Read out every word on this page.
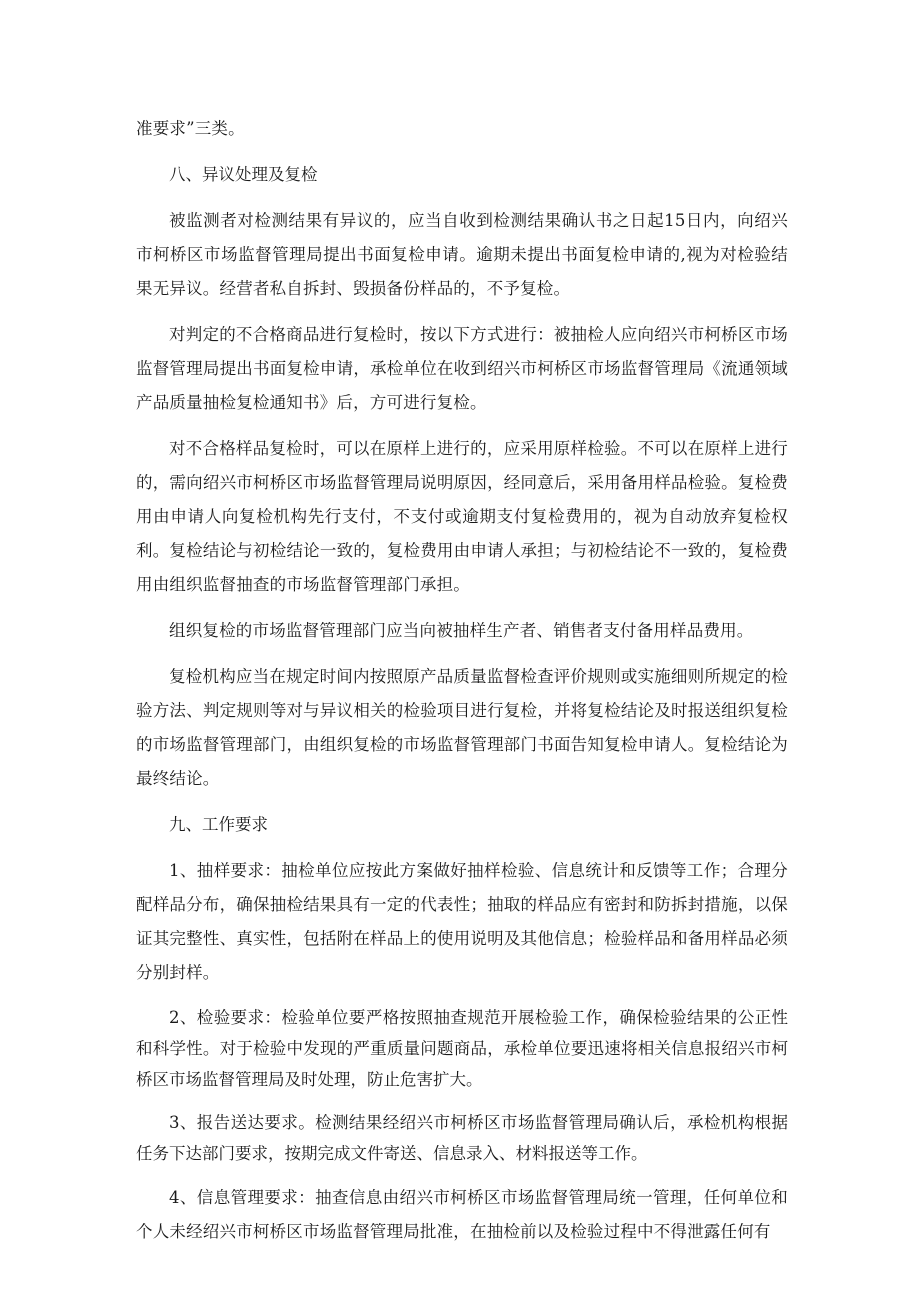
准要求”三类。

八、异议处理及复检

被监测者对检测结果有异议的，应当自收到检测结果确认书之日起15日内，向绍兴市柯桥区市场监督管理局提出书面复检申请。逾期未提出书面复检申请的,视为对检验结果无异议。经营者私自拆封、毁损备份样品的，不予复检。

对判定的不合格商品进行复检时，按以下方式进行：被抽检人应向绍兴市柯桥区市场监督管理局提出书面复检申请，承检单位在收到绍兴市柯桥区市场监督管理局《流通领域产品质量抽检复检通知书》后，方可进行复检。

对不合格样品复检时，可以在原样上进行的，应采用原样检验。不可以在原样上进行的，需向绍兴市柯桥区市场监督管理局说明原因，经同意后，采用备用样品检验。复检费用由申请人向复检机构先行支付，不支付或逾期支付复检费用的，视为自动放弃复检权利。复检结论与初检结论一致的，复检费用由申请人承担；与初检结论不一致的，复检费用由组织监督抽查的市场监督管理部门承担。

组织复检的市场监督管理部门应当向被抽样生产者、销售者支付备用样品费用。

复检机构应当在规定时间内按照原产品质量监督检查评价规则或实施细则所规定的检验方法、判定规则等对与异议相关的检验项目进行复检，并将复检结论及时报送组织复检的市场监督管理部门，由组织复检的市场监督管理部门书面告知复检申请人。复检结论为最终结论。

九、工作要求

1、抽样要求：抽检单位应按此方案做好抽样检验、信息统计和反馈等工作；合理分配样品分布，确保抽检结果具有一定的代表性；抽取的样品应有密封和防拆封措施，以保证其完整性、真实性，包括附在样品上的使用说明及其他信息；检验样品和备用样品必须分别封样。

2、检验要求：检验单位要严格按照抽查规范开展检验工作，确保检验结果的公正性和科学性。对于检验中发现的严重质量问题商品，承检单位要迅速将相关信息报绍兴市柯桥区市场监督管理局及时处理，防止危害扩大。

3、报告送达要求。检测结果经绍兴市柯桥区市场监督管理局确认后，承检机构根据任务下达部门要求，按期完成文件寄送、信息录入、材料报送等工作。

4、信息管理要求：抽查信息由绍兴市柯桥区市场监督管理局统一管理，任何单位和个人未经绍兴市柯桥区市场监督管理局批准，在抽检前以及检验过程中不得泄露任何有
